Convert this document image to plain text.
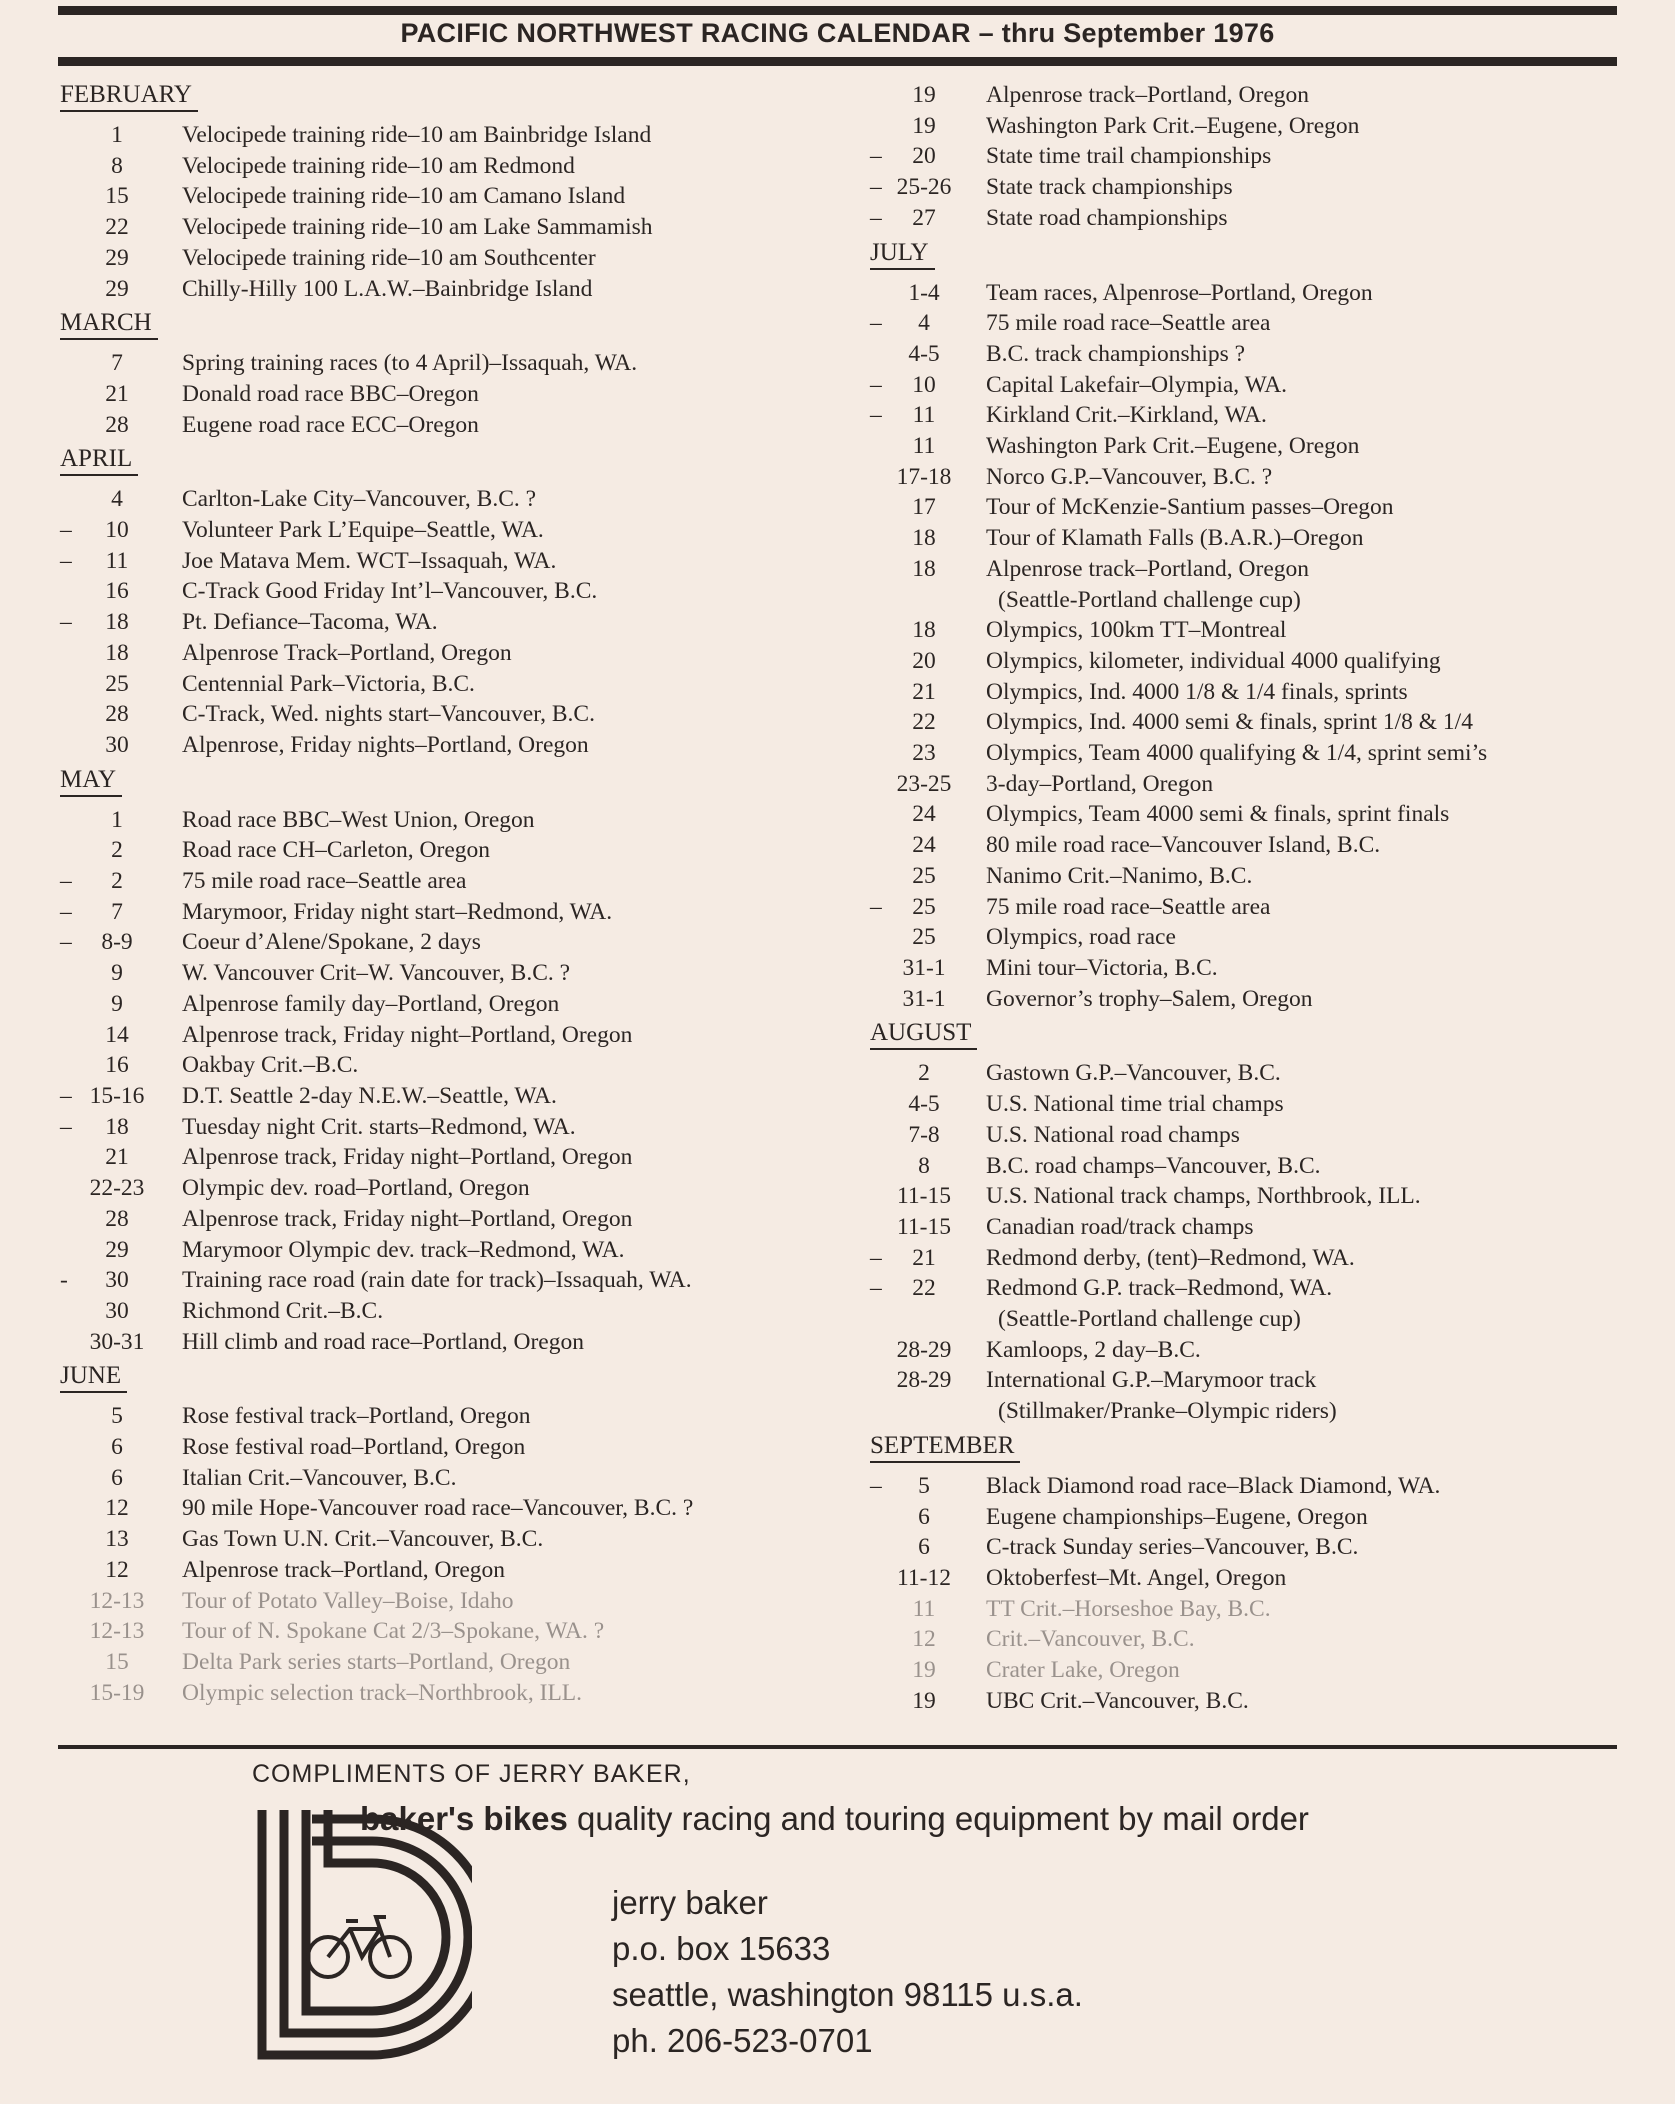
PACIFIC NORTHWEST RACING CALENDAR – thru September 1976
FEBRUARY
1	Velocipede training ride–10 am Bainbridge Island
8	Velocipede training ride–10 am Redmond
15	Velocipede training ride–10 am Camano Island
22	Velocipede training ride–10 am Lake Sammamish
29	Velocipede training ride–10 am Southcenter
29	Chilly-Hilly 100 L.A.W.–Bainbridge Island
MARCH
7	Spring training races (to 4 April)–Issaquah, WA.
21	Donald road race BBC–Oregon
28	Eugene road race ECC–Oregon
APRIL
4	Carlton-Lake City–Vancouver, B.C. ?
–	10	Volunteer Park L’Equipe–Seattle, WA.
–	11	Joe Matava Mem. WCT–Issaquah, WA.
16	C-Track Good Friday Int’l–Vancouver, B.C.
–	18	Pt. Defiance–Tacoma, WA.
18	Alpenrose Track–Portland, Oregon
25	Centennial Park–Victoria, B.C.
28	C-Track, Wed. nights start–Vancouver, B.C.
30	Alpenrose, Friday nights–Portland, Oregon
MAY
1	Road race BBC–West Union, Oregon
2	Road race CH–Carleton, Oregon
–	2	75 mile road race–Seattle area
–	7	Marymoor, Friday night start–Redmond, WA.
–	8-9	Coeur d’Alene/Spokane, 2 days
9	W. Vancouver Crit–W. Vancouver, B.C. ?
9	Alpenrose family day–Portland, Oregon
14	Alpenrose track, Friday night–Portland, Oregon
16	Oakbay Crit.–B.C.
– 15-16	D.T. Seattle 2-day N.E.W.–Seattle, WA.
–	18	Tuesday night Crit. starts–Redmond, WA.
21	Alpenrose track, Friday night–Portland, Oregon
22-23	Olympic dev. road–Portland, Oregon
28	Alpenrose track, Friday night–Portland, Oregon
29	Marymoor Olympic dev. track–Redmond, WA.
-	30	Training race road (rain date for track)–Issaquah, WA.
30	Richmond Crit.–B.C.
30-31	Hill climb and road race–Portland, Oregon
JUNE
5	Rose festival track–Portland, Oregon
6	Rose festival road–Portland, Oregon
6	Italian Crit.–Vancouver, B.C.
12	90 mile Hope-Vancouver road race–Vancouver, B.C. ?
13	Gas Town U.N. Crit.–Vancouver, B.C.
12	Alpenrose track–Portland, Oregon
12-13	Tour of Potato Valley–Boise, Idaho
12-13	Tour of N. Spokane Cat 2/3–Spokane, WA. ?
15	Delta Park series starts–Portland, Oregon
15-19	Olympic selection track–Northbrook, ILL.
19	Alpenrose track–Portland, Oregon
19	Washington Park Crit.–Eugene, Oregon
–	20	State time trail championships
– 25-26	State track championships
–	27	State road championships
JULY
1-4	Team races, Alpenrose–Portland, Oregon
–	4	75 mile road race–Seattle area
4-5	B.C. track championships ?
–	10	Capital Lakefair–Olympia, WA.
–	11	Kirkland Crit.–Kirkland, WA.
11	Washington Park Crit.–Eugene, Oregon
17-18	Norco G.P.–Vancouver, B.C. ?
17	Tour of McKenzie-Santium passes–Oregon
18	Tour of Klamath Falls (B.A.R.)–Oregon
18	Alpenrose track–Portland, Oregon
(Seattle-Portland challenge cup)
18	Olympics, 100km TT–Montreal
20	Olympics, kilometer, individual 4000 qualifying
21	Olympics, Ind. 4000 1/8 & 1/4 finals, sprints
22	Olympics, Ind. 4000 semi & finals, sprint 1/8 & 1/4
23	Olympics, Team 4000 qualifying & 1/4, sprint semi’s
23-25	3-day–Portland, Oregon
24	Olympics, Team 4000 semi & finals, sprint finals
24	80 mile road race–Vancouver Island, B.C.
25	Nanimo Crit.–Nanimo, B.C.
–	25	75 mile road race–Seattle area
25	Olympics, road race
31-1	Mini tour–Victoria, B.C.
31-1	Governor’s trophy–Salem, Oregon
AUGUST
2	Gastown G.P.–Vancouver, B.C.
4-5	U.S. National time trial champs
7-8	U.S. National road champs
8	B.C. road champs–Vancouver, B.C.
11-15	U.S. National track champs, Northbrook, ILL.
11-15	Canadian road/track champs
–	21	Redmond derby, (tent)–Redmond, WA.
–	22	Redmond G.P. track–Redmond, WA.
(Seattle-Portland challenge cup)
28-29	Kamloops, 2 day–B.C.
28-29	International G.P.–Marymoor track
(Stillmaker/Pranke–Olympic riders)
SEPTEMBER
–	5	Black Diamond road race–Black Diamond, WA.
6	Eugene championships–Eugene, Oregon
6	C-track Sunday series–Vancouver, B.C.
11-12	Oktoberfest–Mt. Angel, Oregon
11	TT Crit.–Horseshoe Bay, B.C.
12	Crit.–Vancouver, B.C.
19	Crater Lake, Oregon
19	UBC Crit.–Vancouver, B.C.
COMPLIMENTS OF JERRY BAKER,
baker's bikes quality racing and touring equipment by mail order
jerry baker
p.o. box 15633
seattle, washington 98115 u.s.a.
ph. 206-523-0701
